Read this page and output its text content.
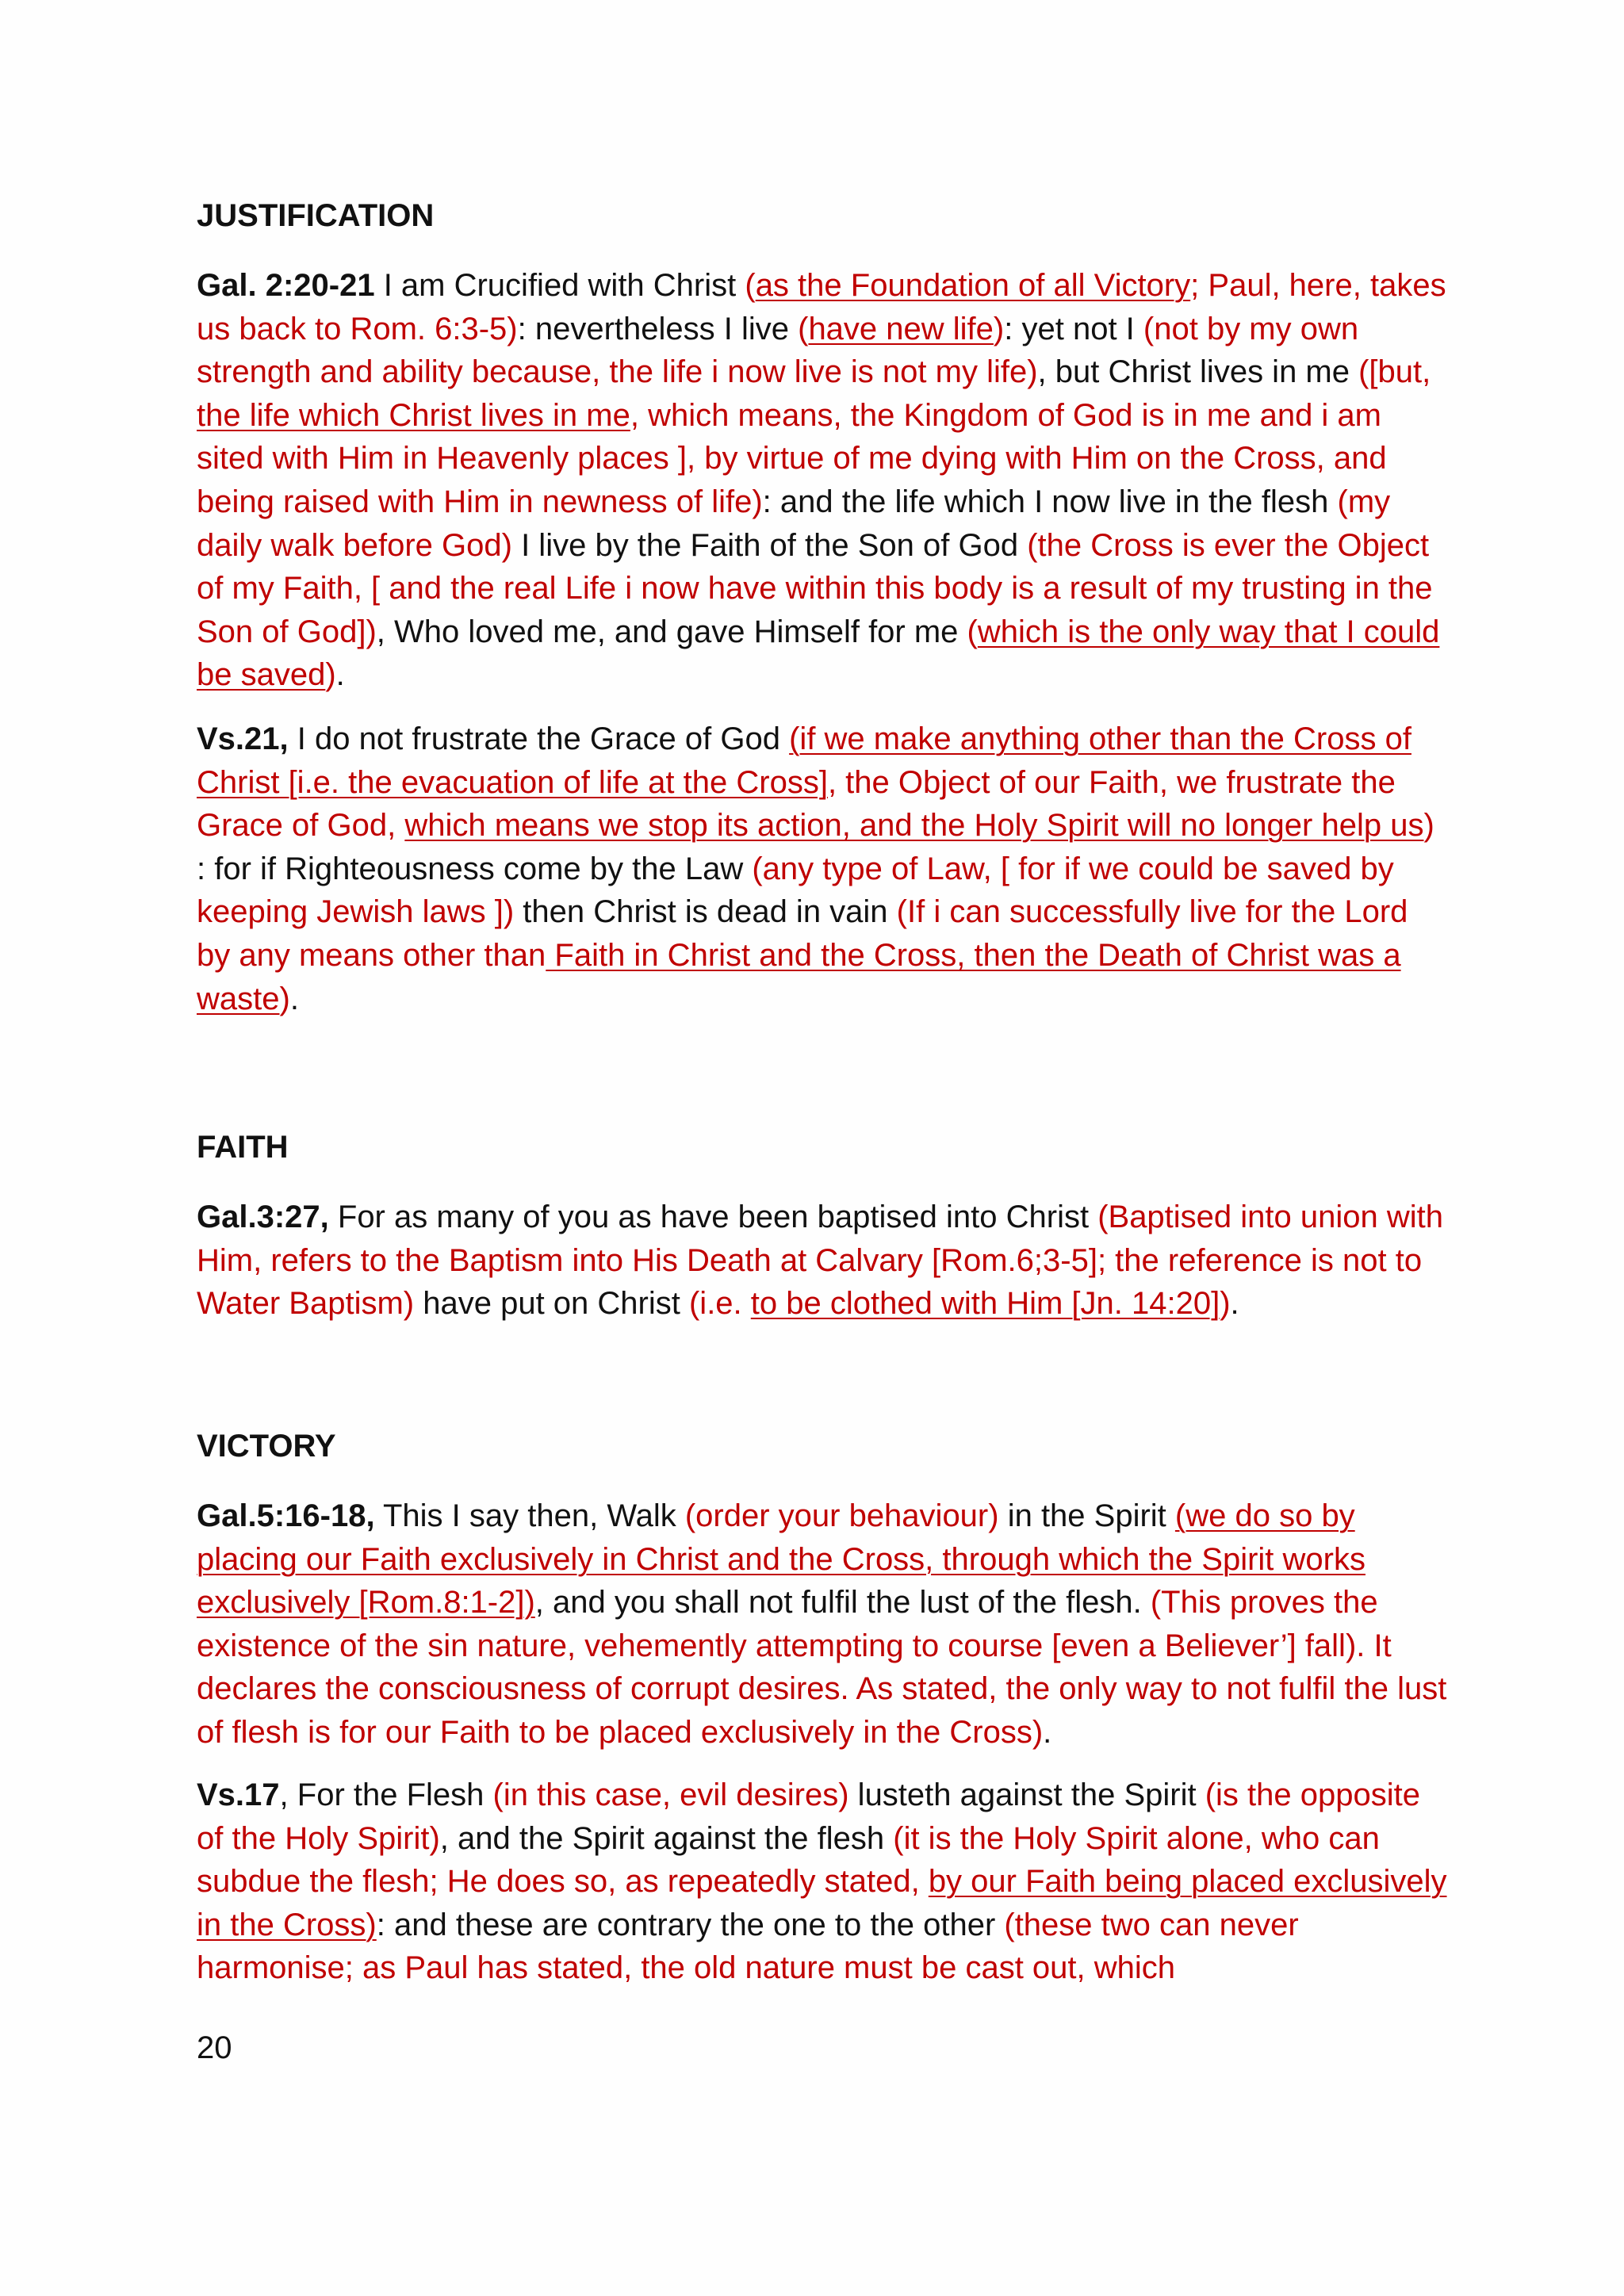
JUSTIFICATION

Gal. 2:20-21 I am Crucified with Christ (as the Foundation of all Victory; Paul, here, takes us back to Rom. 6:3-5): nevertheless I live (have new life): yet not I (not by my own strength and ability because, the life i now live is not my life), but Christ lives in me ([but, the life which Christ lives in me, which means, the Kingdom of God is in me and i am sited with Him in Heavenly places ], by virtue of me dying with Him on the Cross, and being raised with Him in newness of life): and the life which I now live in the flesh (my daily walk before God) I live by the Faith of the Son of God (the Cross is ever the Object of my Faith, [ and the real Life i now have within this body is a result of my trusting in the Son of God]), Who loved me, and gave Himself for me (which is the only way that I could be saved).

Vs.21, I do not frustrate the Grace of God (if we make anything other than the Cross of Christ [i.e. the evacuation of life at the Cross], the Object of our Faith, we frustrate the Grace of God, which means we stop its action, and the Holy Spirit will no longer help us) : for if Righteousness come by the Law (any type of Law, [ for if we could be saved by keeping Jewish laws ]) then Christ is dead in vain (If i can successfully live for the Lord by any means other than Faith in Christ and the Cross, then the Death of Christ was a waste).

FAITH

Gal.3:27, For as many of you as have been baptised into Christ (Baptised into union with Him, refers to the Baptism into His Death at Calvary [Rom.6;3-5]; the reference is not to Water Baptism) have put on Christ (i.e. to be clothed with Him [Jn. 14:20]).

VICTORY

Gal.5:16-18, This I say then, Walk (order your behaviour) in the Spirit (we do so by placing our Faith exclusively in Christ and the Cross, through which the Spirit works exclusively [Rom.8:1-2]), and you shall not fulfil the lust of the flesh. (This proves the existence of the sin nature, vehemently attempting to course [even a Believer’] fall). It declares the consciousness of corrupt desires. As stated, the only way to not fulfil the lust of flesh is for our Faith to be placed exclusively in the Cross).

Vs.17, For the Flesh (in this case, evil desires) lusteth against the Spirit (is the opposite of the Holy Spirit), and the Spirit against the flesh (it is the Holy Spirit alone, who can subdue the flesh; He does so, as repeatedly stated, by our Faith being placed exclusively in the Cross): and these are contrary the one to the other (these two can never harmonise; as Paul has stated, the old nature must be cast out, which

20
